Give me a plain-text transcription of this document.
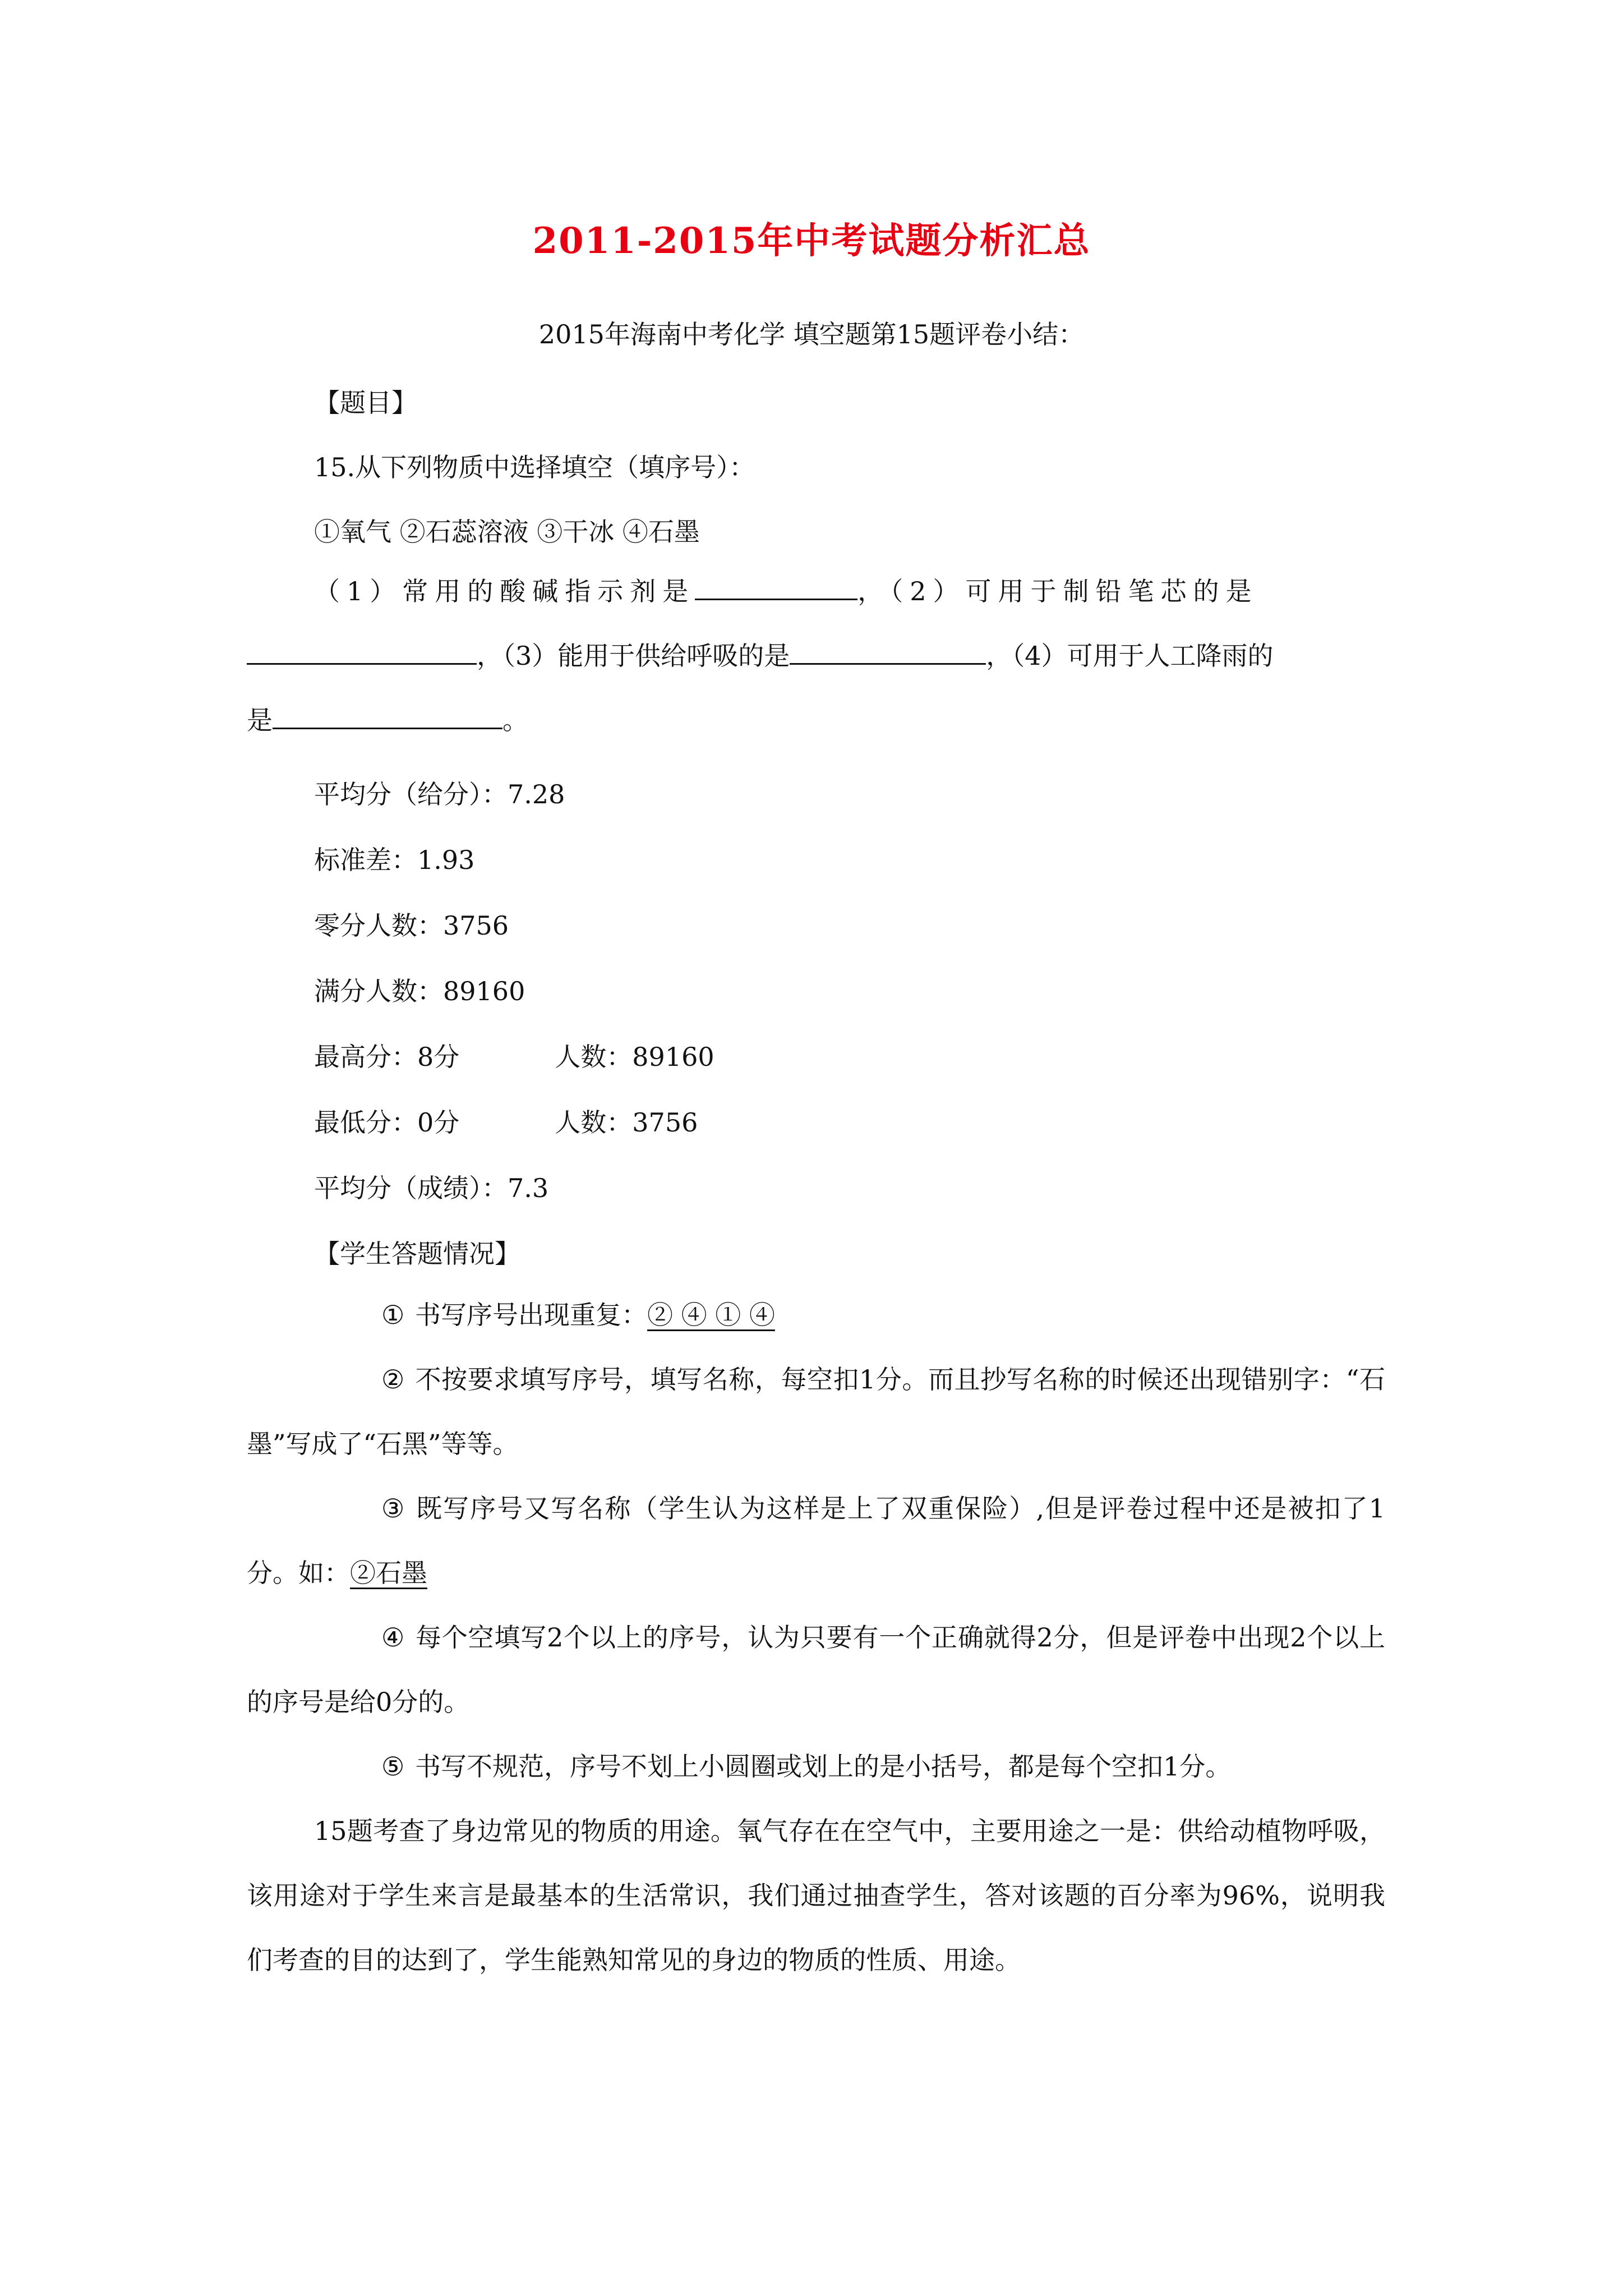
2011-2015年中考试题分析汇总
2015年海南中考化学 填空题第15题评卷小结：
【题目】
15.从下列物质中选择填空（填序号）：
①氧气 ②石蕊溶液 ③干冰 ④石墨
（1）常用的酸碱指示剂是	，（2）可用于制铅笔芯的是
，（3）能用于供给呼吸的是	，（4）可用于人工降雨的
是	。
平均分（给分）：7.28
标准差：1.93
零分人数：3756
满分人数：89160
最高分：8分	人数：89160
最低分：0分	人数：3756
平均分（成绩）：7.3
【学生答题情况】
① 书写序号出现重复：② ④ ① ④
② 不按要求填写序号，填写名称，每空扣1分。而且抄写名称的时候还出现错别字：“石墨”写成了“石黑”等等。
③ 既写序号又写名称（学生认为这样是上了双重保险）,但是评卷过程中还是被扣了1分。如：②石墨
④ 每个空填写2个以上的序号，认为只要有一个正确就得2分，但是评卷中出现2个以上的序号是给0分的。
⑤ 书写不规范，序号不划上小圆圈或划上的是小括号，都是每个空扣1分。
15题考查了身边常见的物质的用途。氧气存在在空气中，主要用途之一是：供给动植物呼吸，该用途对于学生来言是最基本的生活常识，我们通过抽查学生，答对该题的百分率为96%，说明我们考查的目的达到了，学生能熟知常见的身边的物质的性质、用途。
